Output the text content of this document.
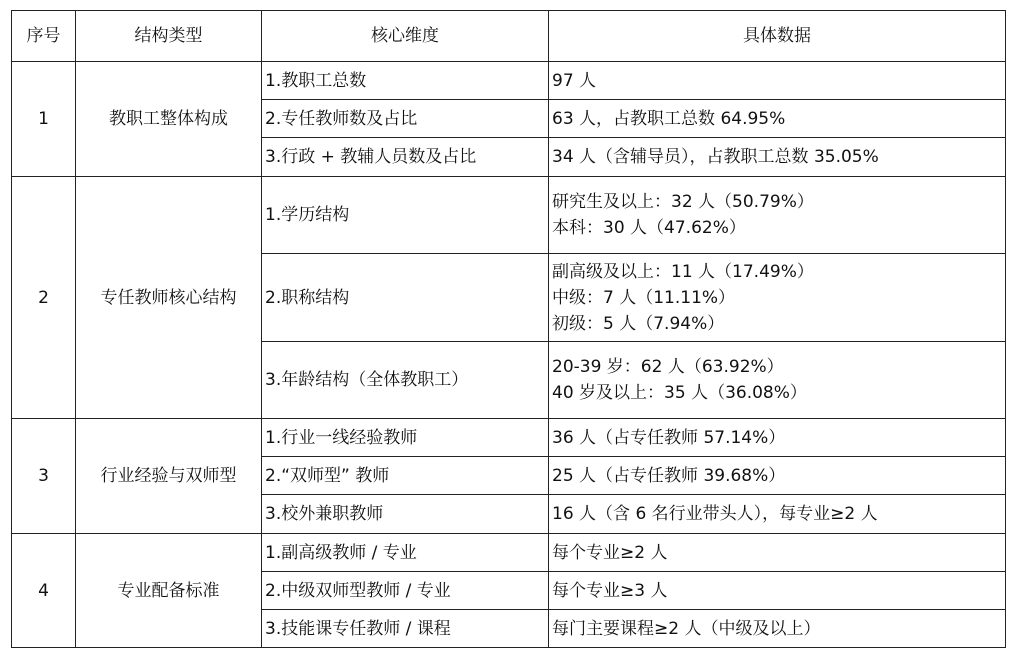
序号	结构类型	核心维度	具体数据
1	教职工整体构成	1.教职工总数	97 人

		2.专任教师数及占比	63 人，占教职工总数 64.95%

		3.行政 + 教辅人员数及占比	34 人（含辅导员），占教职工总数 35.05%

2	专任教师核心结构	1.学历结构	研究生及以上：32 人（50.79%）
本科：30 人（47.62%）

		2.职称结构	副高级及以上：11 人（17.49%）
中级：7 人（11.11%）
初级：5 人（7.94%）

		3.年龄结构（全体教职工）	20-39 岁：62 人（63.92%）
40 岁及以上：35 人（36.08%）

3	行业经验与双师型	1.行业一线经验教师	36 人（占专任教师 57.14%）

		2.“双师型” 教师	25 人（占专任教师 39.68%）

		3.校外兼职教师	16 人（含 6 名行业带头人），每专业≥2 人

4	专业配备标准	1.副高级教师 / 专业	每个专业≥2 人

		2.中级双师型教师 / 专业	每个专业≥3 人

		3.技能课专任教师 / 课程	每门主要课程≥2 人（中级及以上）
